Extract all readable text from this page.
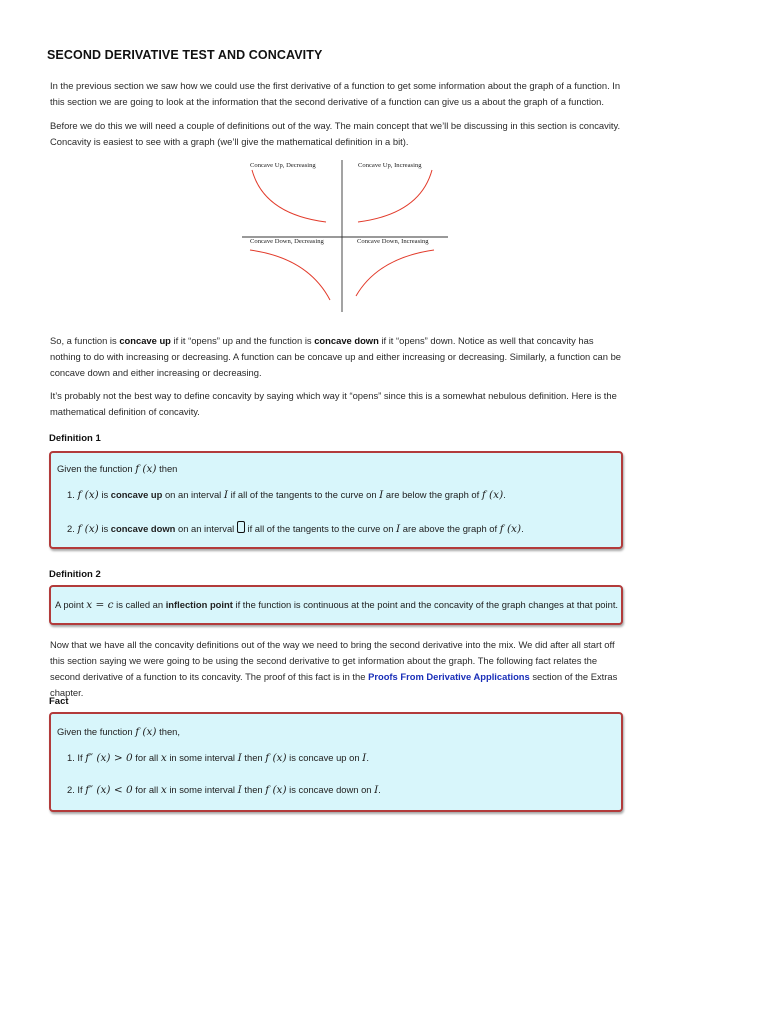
SECOND DERIVATIVE TEST AND CONCAVITY
In the previous section we saw how we could use the first derivative of a function to get some information about the graph of a function. In this section we are going to look at the information that the second derivative of a function can give us a about the graph of a function.
Before we do this we will need a couple of definitions out of the way. The main concept that we’ll be discussing in this section is concavity. Concavity is easiest to see with a graph (we’ll give the mathematical definition in a bit).
Concave Up, Decreasing	Concave Up, Increasing
Concave Down, Decreasing	Concave Down, Increasing
So, a function is concave up if it “opens” up and the function is concave down if it “opens” down. Notice as well that concavity has nothing to do with increasing or decreasing. A function can be concave up and either increasing or decreasing. Similarly, a function can be concave down and either increasing or decreasing.
It’s probably not the best way to define concavity by saying which way it “opens” since this is a somewhat nebulous definition. Here is the mathematical definition of concavity.
Definition 1
Given the function f (x) then
1. f (x) is concave up on an interval I if all of the tangents to the curve on I are below the graph of f (x).
2. f (x) is concave down on an interval  if all of the tangents to the curve on I are above the graph of f (x).
Definition 2
A point x = c is called an inflection point if the function is continuous at the point and the concavity of the graph changes at that point.
Now that we have all the concavity definitions out of the way we need to bring the second derivative into the mix. We did after all start off this section saying we were going to be using the second derivative to get information about the graph. The following fact relates the second derivative of a function to its concavity. The proof of this fact is in the Proofs From Derivative Applications section of the Extras chapter.
Fact
Given the function f (x) then,
1. If f″ (x) > 0 for all x in some interval I then f (x) is concave up on I.
2. If f″ (x) < 0 for all x in some interval I then f (x) is concave down on I.
